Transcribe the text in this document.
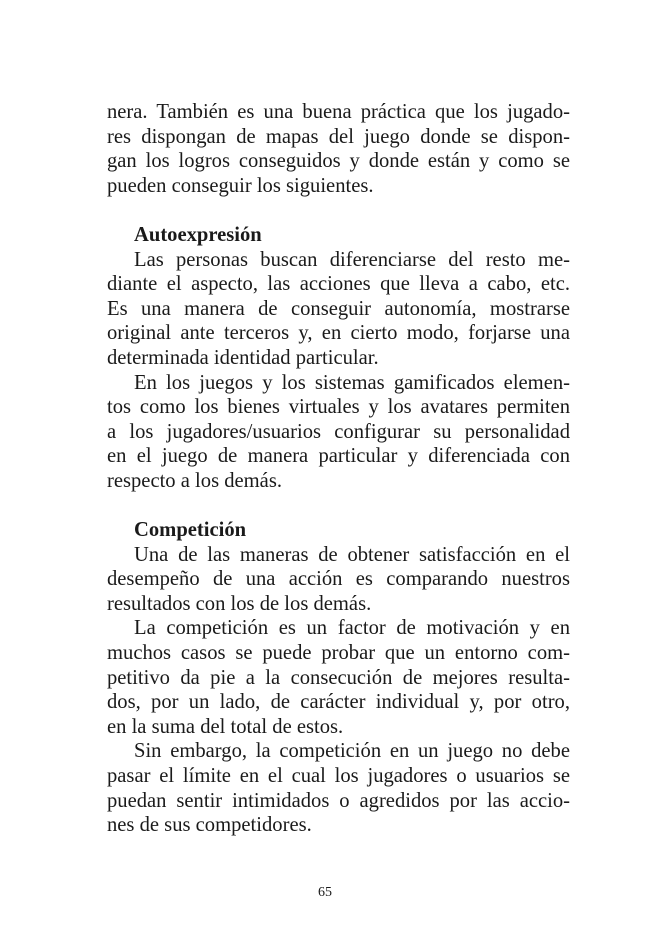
nera. También es una buena práctica que los jugado-
res dispongan de mapas del juego donde se dispon-
gan los logros conseguidos y donde están y como se
pueden conseguir los siguientes.
Autoexpresión
Las personas buscan diferenciarse del resto me-
diante el aspecto, las acciones que lleva a cabo, etc.
Es una manera de conseguir autonomía, mostrarse
original ante terceros y, en cierto modo, forjarse una
determinada identidad particular.
En los juegos y los sistemas gamificados elemen-
tos como los bienes virtuales y los avatares permiten
a los jugadores/usuarios configurar su personalidad
en el juego de manera particular y diferenciada con
respecto a los demás.
Competición
Una de las maneras de obtener satisfacción en el
desempeño de una acción es comparando nuestros
resultados con los de los demás.
La competición es un factor de motivación y en
muchos casos se puede probar que un entorno com-
petitivo da pie a la consecución de mejores resulta-
dos, por un lado, de carácter individual y, por otro,
en la suma del total de estos.
Sin embargo, la competición en un juego no debe
pasar el límite en el cual los jugadores o usuarios se
puedan sentir intimidados o agredidos por las accio-
nes de sus competidores.
65
